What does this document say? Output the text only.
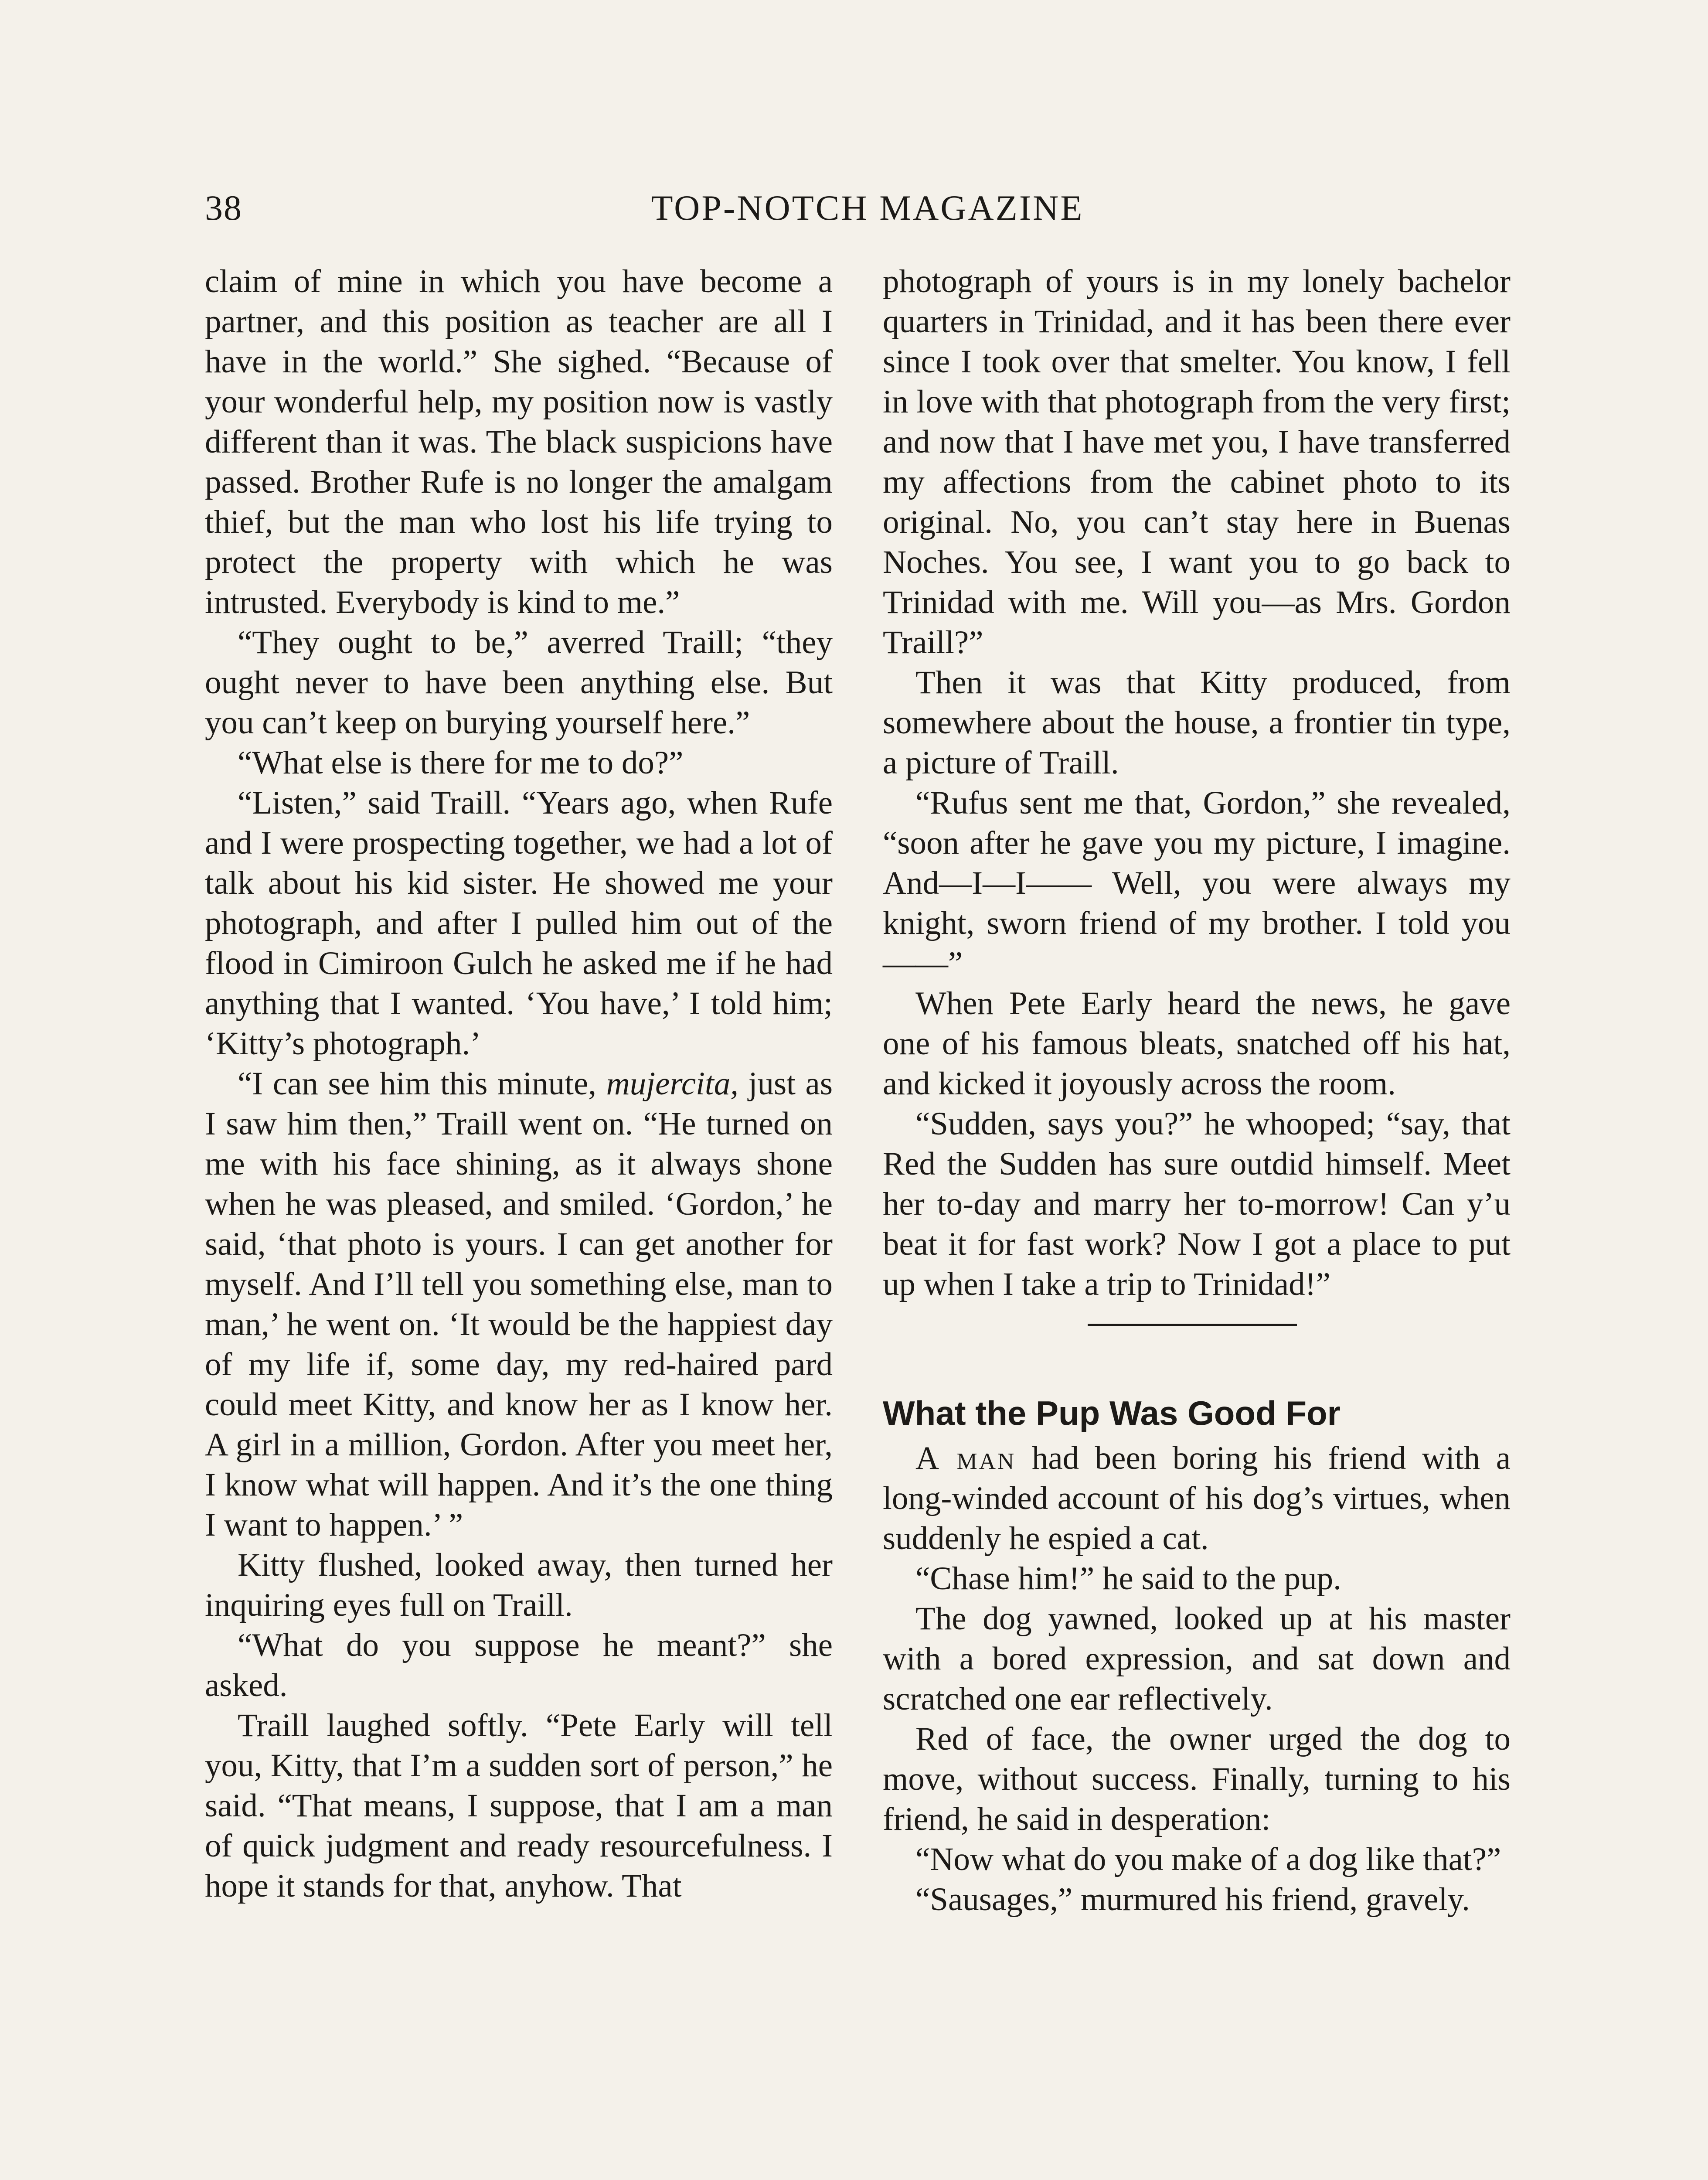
38	TOP-NOTCH MAGAZINE

claim of mine in which you have become a partner, and this position as teacher are all I have in the world.” She sighed. “Because of your wonderful help, my position now is vastly different than it was. The black suspicions have passed. Brother Rufe is no longer the amalgam thief, but the man who lost his life trying to protect the property with which he was intrusted. Everybody is kind to me.”

“They ought to be,” averred Traill; “they ought never to have been anything else. But you can’t keep on burying yourself here.”

“What else is there for me to do?”

“Listen,” said Traill. “Years ago, when Rufe and I were prospecting together, we had a lot of talk about his kid sister. He showed me your photograph, and after I pulled him out of the flood in Cimiroon Gulch he asked me if he had anything that I wanted. ‘You have,’ I told him; ‘Kitty’s photograph.’

“I can see him this minute, mujercita, just as I saw him then,” Traill went on. “He turned on me with his face shining, as it always shone when he was pleased, and smiled. ‘Gordon,’ he said, ‘that photo is yours. I can get another for myself. And I’ll tell you something else, man to man,’ he went on. ‘It would be the happiest day of my life if, some day, my red-haired pard could meet Kitty, and know her as I know her. A girl in a million, Gordon. After you meet her, I know what will happen. And it’s the one thing I want to happen.’ ”

Kitty flushed, looked away, then turned her inquiring eyes full on Traill.

“What do you suppose he meant?” she asked.

Traill laughed softly. “Pete Early will tell you, Kitty, that I’m a sudden sort of person,” he said. “That means, I suppose, that I am a man of quick judgment and ready resourcefulness. I hope it stands for that, anyhow. That

photograph of yours is in my lonely bachelor quarters in Trinidad, and it has been there ever since I took over that smelter. You know, I fell in love with that photograph from the very first; and now that I have met you, I have transferred my affections from the cabinet photo to its original. No, you can’t stay here in Buenas Noches. You see, I want you to go back to Trinidad with me. Will you—as Mrs. Gordon Traill?”

Then it was that Kitty produced, from somewhere about the house, a frontier tin type, a picture of Traill.

“Rufus sent me that, Gordon,” she revealed, “soon after he gave you my picture, I imagine. And—I—I—— Well, you were always my knight, sworn friend of my brother. I told you——”

When Pete Early heard the news, he gave one of his famous bleats, snatched off his hat, and kicked it joyously across the room.

“Sudden, says you?” he whooped; “say, that Red the Sudden has sure outdid himself. Meet her to-day and marry her to-morrow! Can y’u beat it for fast work? Now I got a place to put up when I take a trip to Trinidad!”

What the Pup Was Good For

A man had been boring his friend with a long-winded account of his dog’s virtues, when suddenly he espied a cat.

“Chase him!” he said to the pup.

The dog yawned, looked up at his master with a bored expression, and sat down and scratched one ear reflectively.

Red of face, the owner urged the dog to move, without success. Finally, turning to his friend, he said in desperation:

“Now what do you make of a dog like that?”

“Sausages,” murmured his friend, gravely.
